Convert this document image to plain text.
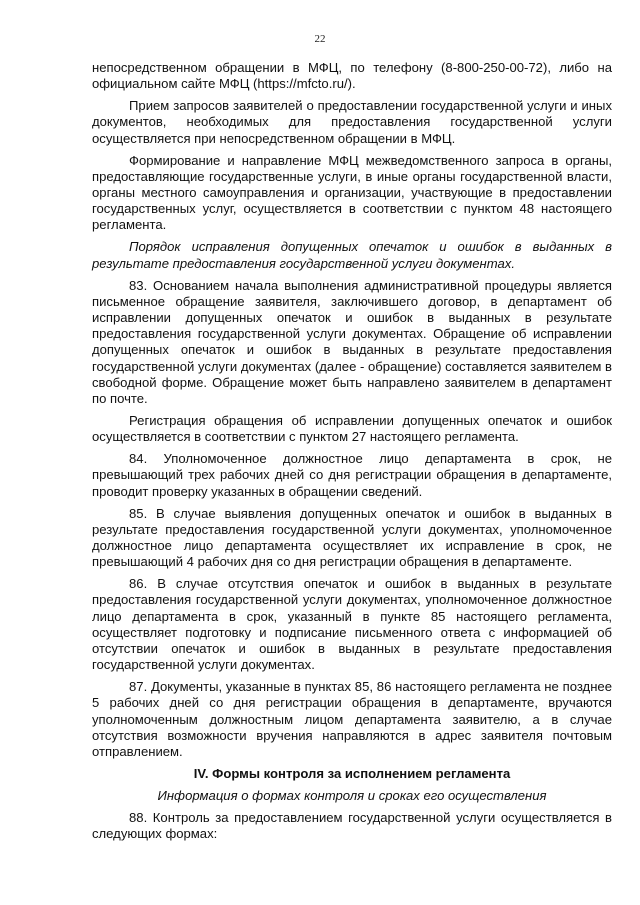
22

непосредственном обращении в МФЦ, по телефону (8-800-250-00-72), либо на официальном сайте МФЦ (https://mfcto.ru/).

Прием запросов заявителей о предоставлении государственной услуги и иных документов, необходимых для предоставления государственной услуги осуществляется при непосредственном обращении в МФЦ.

Формирование и направление МФЦ межведомственного запроса в органы, предоставляющие государственные услуги, в иные органы государственной власти, органы местного самоуправления и организации, участвующие в предоставлении государственных услуг, осуществляется в соответствии с пунктом 48 настоящего регламента.

Порядок исправления допущенных опечаток и ошибок в выданных в результате предоставления государственной услуги документах.

83. Основанием начала выполнения административной процедуры является письменное обращение заявителя, заключившего договор, в департамент об исправлении допущенных опечаток и ошибок в выданных в результате предоставления государственной услуги документах. Обращение об исправлении допущенных опечаток и ошибок в выданных в результате предоставления государственной услуги документах (далее - обращение) составляется заявителем в свободной форме. Обращение может быть направлено заявителем в департамент по почте.

Регистрация обращения об исправлении допущенных опечаток и ошибок осуществляется в соответствии с пунктом 27 настоящего регламента.

84. Уполномоченное должностное лицо департамента в срок, не превышающий трех рабочих дней со дня регистрации обращения в департаменте, проводит проверку указанных в обращении сведений.

85. В случае выявления допущенных опечаток и ошибок в выданных в результате предоставления государственной услуги документах, уполномоченное должностное лицо департамента осуществляет их исправление в срок, не превышающий 4 рабочих дня со дня регистрации обращения в департаменте.

86. В случае отсутствия опечаток и ошибок в выданных в результате предоставления государственной услуги документах, уполномоченное должностное лицо департамента в срок, указанный в пункте 85 настоящего регламента, осуществляет подготовку и подписание письменного ответа с информацией об отсутствии опечаток и ошибок в выданных в результате предоставления государственной услуги документах.

87. Документы, указанные в пунктах 85, 86 настоящего регламента не позднее 5 рабочих дней со дня регистрации обращения в департаменте, вручаются уполномоченным должностным лицом департамента заявителю, а в случае отсутствия возможности вручения направляются в адрес заявителя почтовым отправлением.

IV. Формы контроля за исполнением регламента

Информация о формах контроля и сроках его осуществления

88. Контроль за предоставлением государственной услуги осуществляется в следующих формах:
